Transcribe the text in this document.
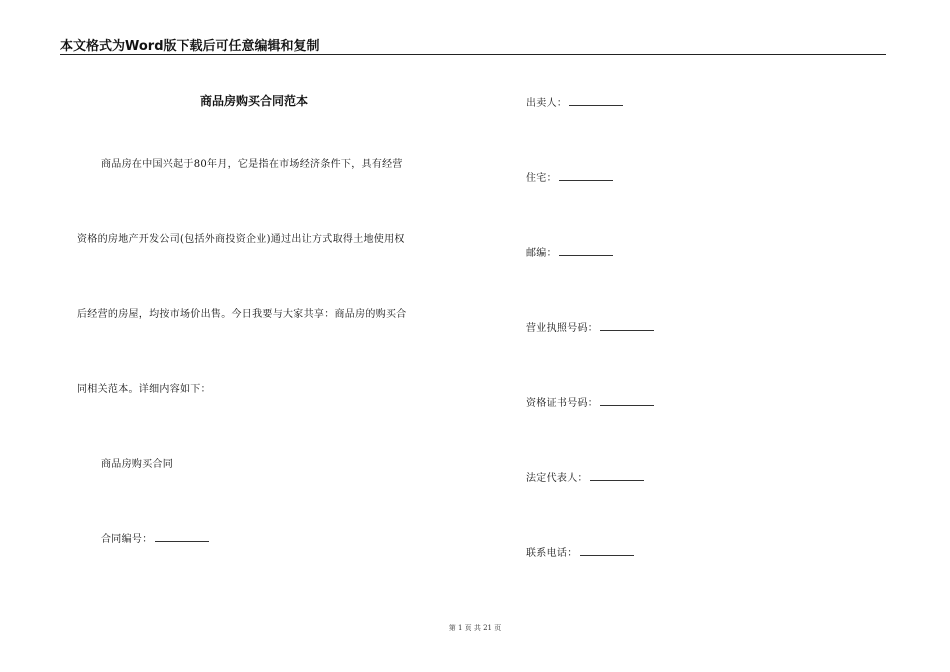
本文格式为Word版下载后可任意编辑和复制
商品房购买合同范本
商品房在中国兴起于80年月，它是指在市场经济条件下，具有经营
资格的房地产开发公司(包括外商投资企业)通过出让方式取得土地使用权
后经营的房屋，均按市场价出售。今日我要与大家共享：商品房的购买合
同相关范本。详细内容如下：
商品房购买合同
合同编号：
出卖人：
住宅：
邮编：
营业执照号码：
资格证书号码：
法定代表人：
联系电话：
第 1 页 共 21 页
